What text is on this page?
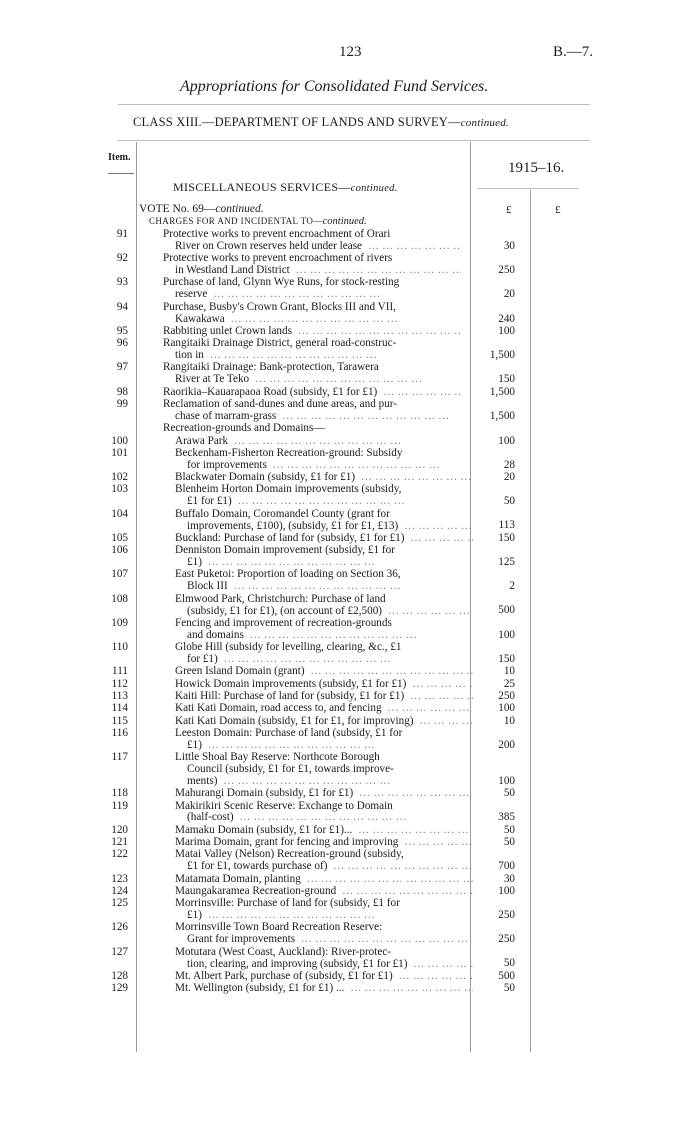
123	B.—7.
Appropriations for Consolidated Fund Services.
CLASS XIII.—DEPARTMENT OF LANDS AND SURVEY—continued.
Item.
1915–16.
MISCELLANEOUS SERVICES—continued.
VOTE No. 69—continued.
CHARGES FOR AND INCIDENTAL TO—continued.
£	£
91	Protective works to prevent encroachment of Orari
River on Crown reserves held under lease ………………………………	30
92	Protective works to prevent encroachment of rivers
in Westland Land District ………………………………	250
93	Purchase of land, Glynn Wye Runs, for stock-resting
reserve ………………………………	20
94	Purchase, Busby's Crown Grant, Blocks III and VII,
Kawakawa ………………………………	240
95	Rabbiting unlet Crown lands ………………………………	100
96	Rangitaiki Drainage District, general road-construc-
tion in ………………………………	1,500
97	Rangitaiki Drainage: Bank-protection, Tarawera
River at Te Teko ………………………………	150
98	Raorikia–Kauarapaoa Road (subsidy, £1 for £1) ………………………………	1,500
99	Reclamation of sand-dunes and dune areas, and pur-
chase of marram-grass ………………………………	1,500
Recreation-grounds and Domains—
100	Arawa Park ………………………………	100
101	Beckenham-Fisherton Recreation-ground: Subsidy
for improvements ………………………………	28
102	Blackwater Domain (subsidy, £1 for £1) ………………………………	20
103	Blenheim Horton Domain improvements (subsidy,
£1 for £1) ………………………………	50
104	Buffalo Domain, Coromandel County (grant for
improvements, £100), (subsidy, £1 for £1, £13) ………………………………	113
105	Buckland: Purchase of land for (subsidy, £1 for £1) ………………………………	150
106	Denniston Domain improvement (subsidy, £1 for
£1) ………………………………	125
107	East Puketoi: Proportion of loading on Section 36,
Block III ………………………………	2
108	Elmwood Park, Christchurch: Purchase of land
(subsidy, £1 for £1), (on account of £2,500) ………………………………	500
109	Fencing and improvement of recreation-grounds
and domains ………………………………	100
110	Globe Hill (subsidy for levelling, clearing, &c., £1
for £1) ………………………………	150
111	Green Island Domain (grant) ………………………………	10
112	Howick Domain improvements (subsidy, £1 for £1) ………………………………	25
113	Kaiti Hill: Purchase of land for (subsidy, £1 for £1) ………………………………	250
114	Kati Kati Domain, road access to, and fencing ………………………………	100
115	Kati Kati Domain (subsidy, £1 for £1, for improving) ………………………………	10
116	Leeston Domain: Purchase of land (subsidy, £1 for
£1) ………………………………	200
117	Little Shoal Bay Reserve: Northcote Borough
Council (subsidy, £1 for £1, towards improve-
ments) ………………………………	100
118	Mahurangi Domain (subsidy, £1 for £1) ………………………………	50
119	Makirikiri Scenic Reserve: Exchange to Domain
(half-cost) ………………………………	385
120	Mamaku Domain (subsidy, £1 for £1)... ………………………………	50
121	Marima Domain, grant for fencing and improving ………………………………	50
122	Matai Valley (Nelson) Recreation-ground (subsidy,
£1 for £1, towards purchase of) ………………………………	700
123	Matamata Domain, planting ………………………………	30
124	Maungakaramea Recreation-ground ………………………………	100
125	Morrinsville: Purchase of land for (subsidy, £1 for
£1) ………………………………	250
126	Morrinsville Town Board Recreation Reserve:
Grant for improvements ………………………………	250
127	Motutara (West Coast, Auckland): River-protec-
tion, clearing, and improving (subsidy, £1 for £1) ………………………………	50
128	Mt. Albert Park, purchase of (subsidy, £1 for £1) ………………………………	500
129	Mt. Wellington (subsidy, £1 for £1) ... ………………………………	50
